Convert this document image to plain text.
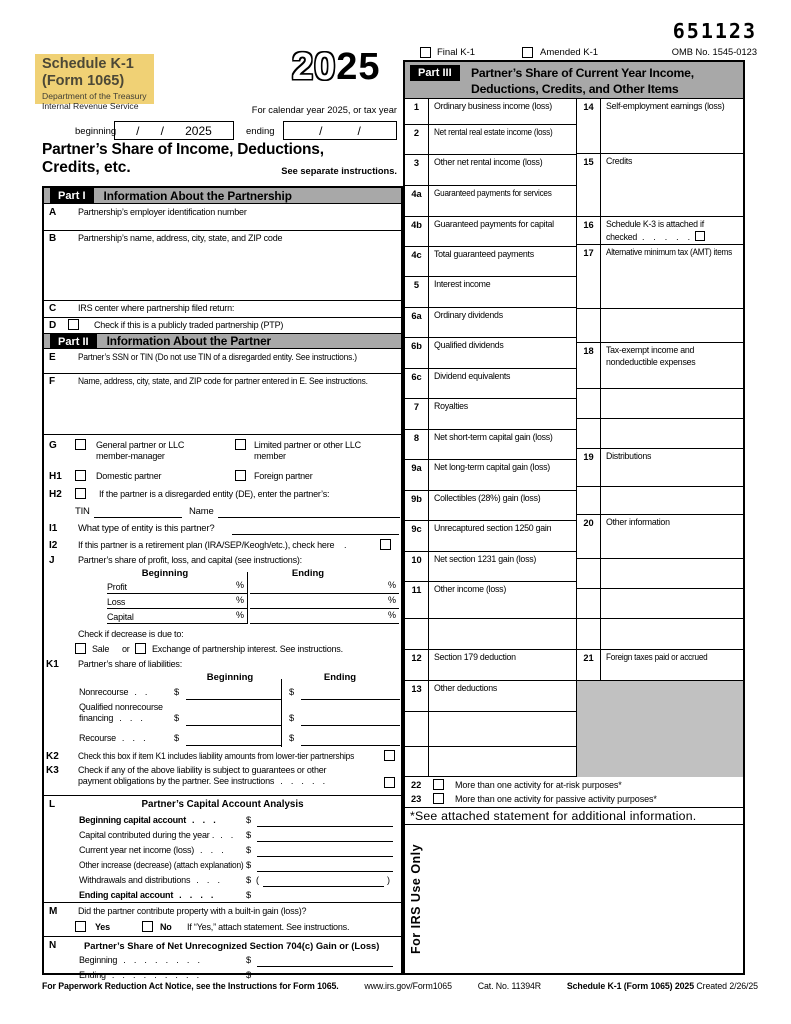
Schedule K-1
(Form 1065)
Department of the Treasury
Internal Revenue Service
2025
For calendar year 2025, or tax year
beginning / / 2025	ending	/	/
Partner’s Share of Income, Deductions,
Credits, etc.	See separate instructions.
651123
Final K-1	Amended K-1	OMB No. 1545-0123
Part I	Information About the Partnership
A Partnership’s employer identification number
B Partnership’s name, address, city, state, and ZIP code
C IRS center where partnership filed return:
D	Check if this is a publicly traded partnership (PTP)
Part II	Information About the Partner
E Partner’s SSN or TIN (Do not use TIN of a disregarded entity. See instructions.)
F	Name, address, city, state, and ZIP code for partner entered in E. See instructions.
G	General partner or LLC
member-manager
Limited partner or other LLC
member
H1	Domestic partner	Foreign partner
H2	If the partner is a disregarded entity (DE), enter the partner’s:
TIN	Name
I1 What type of entity is this partner?
I2 If this partner is a retirement plan (IRA/SEP/Keogh/etc.), check here .
J	Partner’s share of profit, loss, and capital (see instructions):
Beginning	Ending
Profit	%	%
Loss	%	%
Capital	%	%
Check if decrease is due to:
Sale or Exchange of partnership interest. See instructions.
K1 Partner’s share of liabilities:
Beginning	Ending
Nonrecourse . .	$	$
Qualified nonrecourse
financing . . .	$	$
Recourse . . .	$	$
K2 Check this box if item K1 includes liability amounts from lower-tier partnerships
K3 Check if any of the above liability is subject to guarantees or other
payment obligations by the partner. See instructions . . . . .
L	Partner’s Capital Account Analysis
Beginning capital account . . .	$
Capital contributed during the year . . . $
Current year net income (loss) . . . $
Other increase (decrease) (attach explanation) $
Withdrawals and distributions . . .	$ (	)
Ending capital account . . . .	$
M Did the partner contribute property with a built-in gain (loss)?
Yes	No If “Yes,” attach statement. See instructions.
N	Partner’s Share of Net Unrecognized Section 704(c) Gain or (Loss)
Beginning . . . . . . . .	$
Ending . . . . . . . . .	$
Part III	Partner’s Share of Current Year Income,
Deductions, Credits, and Other Items
1	Ordinary business income (loss)
2	Net rental real estate income (loss)
3	Other net rental income (loss)
4a	Guaranteed payments for services
4b	Guaranteed payments for capital
4c	Total guaranteed payments
5	Interest income
6a	Ordinary dividends
6b	Qualified dividends
6c	Dividend equivalents
7	Royalties
8	Net short-term capital gain (loss)
9a	Net long-term capital gain (loss)
9b	Collectibles (28%) gain (loss)
9c	Unrecaptured section 1250 gain
10	Net section 1231 gain (loss)
11	Other income (loss)
12	Section 179 deduction
13	Other deductions
14	Self-employment earnings (loss)
15	Credits
16	Schedule K-3 is attached if
checked . . . . .
17	Alternative minimum tax (AMT) items
18	Tax-exempt income and
nondeductible expenses
19	Distributions
20	Other information
21	Foreign taxes paid or accrued
22	More than one activity for at-risk purposes*
23	More than one activity for passive activity purposes*
*See attached statement for additional information.
For IRS Use Only
For Paperwork Reduction Act Notice, see the Instructions for Form 1065.	www.irs.gov/Form1065	Cat. No. 11394R	Schedule K-1 (Form 1065) 2025 Created 2/26/25
